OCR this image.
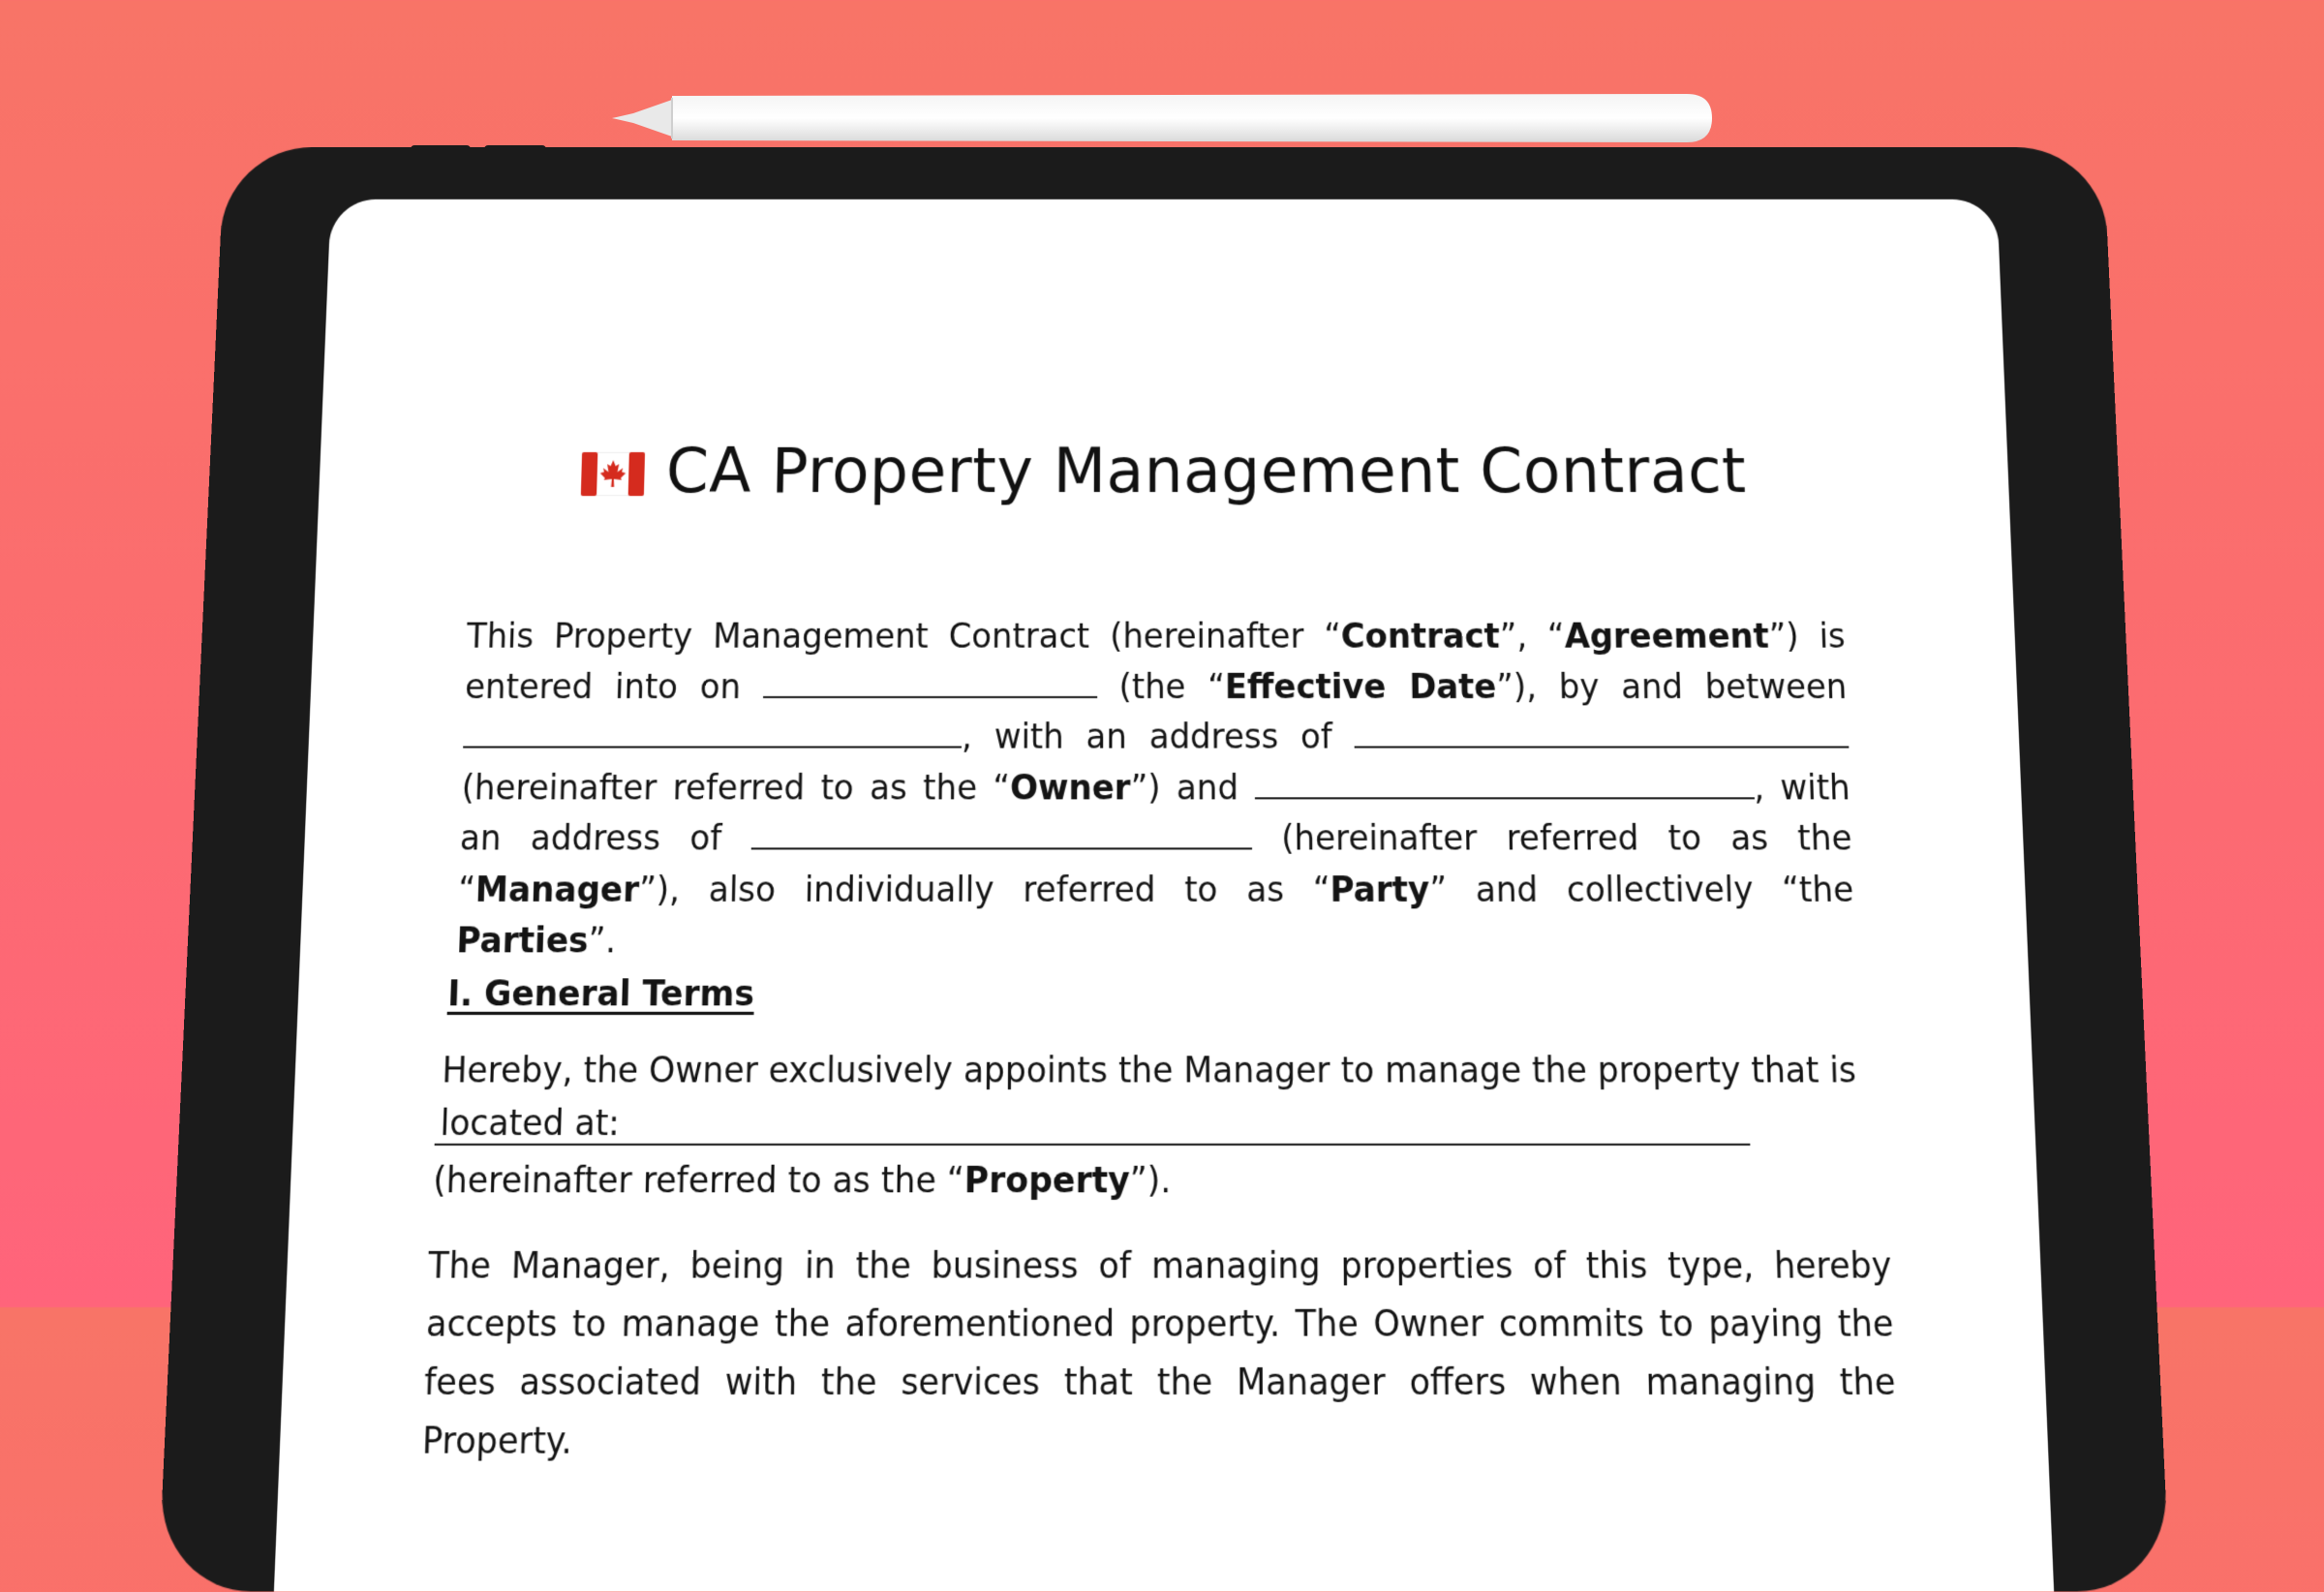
CA Property Management Contract
This Property Management Contract (hereinafter “Contract”, “Agreement”) is entered into on	(the “Effective Date”), by and between , with an address of  (hereinafter referred to as the “Owner”) and	, with an address of	(hereinafter referred to as the “Manager”), also individually referred to as “Party” and collectively “the Parties”.
I. General Terms
Hereby, the Owner exclusively appoints the Manager to manage the property that is located at:
(hereinafter referred to as the “Property”).
The Manager, being in the business of managing properties of this type, hereby accepts to manage the aforementioned property. The Owner commits to paying the fees associated with the services that the Manager offers when managing the Property.
